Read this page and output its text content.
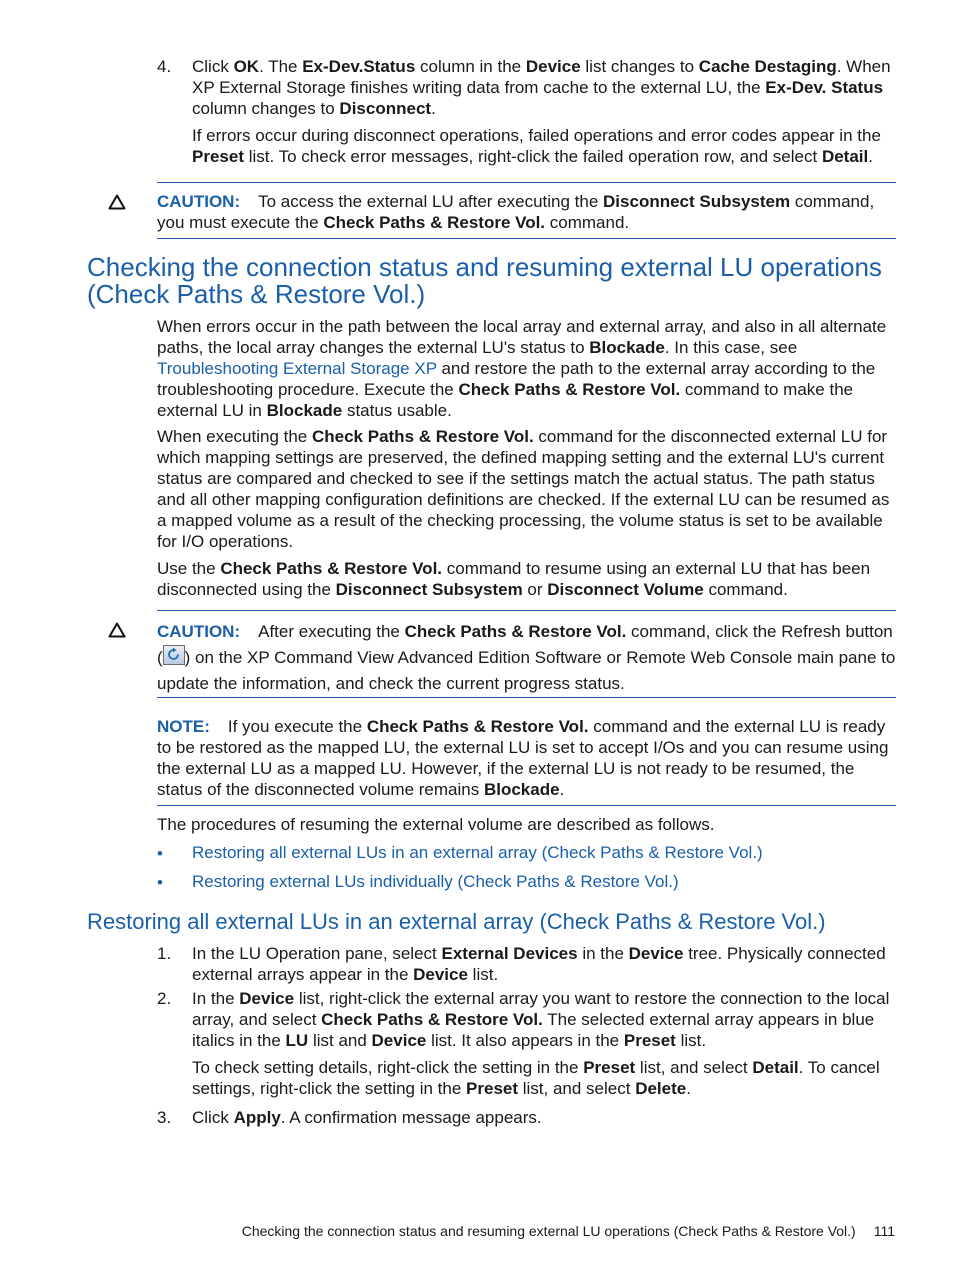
4. Click OK. The Ex-Dev.Status column in the Device list changes to Cache Destaging. When XP External Storage finishes writing data from cache to the external LU, the Ex-Dev. Status column changes to Disconnect.

If errors occur during disconnect operations, failed operations and error codes appear in the Preset list. To check error messages, right-click the failed operation row, and select Detail.

CAUTION: To access the external LU after executing the Disconnect Subsystem command, you must execute the Check Paths & Restore Vol. command.

Checking the connection status and resuming external LU operations (Check Paths & Restore Vol.)

When errors occur in the path between the local array and external array, and also in all alternate paths, the local array changes the external LU's status to Blockade. In this case, see Troubleshooting External Storage XP and restore the path to the external array according to the troubleshooting procedure. Execute the Check Paths & Restore Vol. command to make the external LU in Blockade status usable.

When executing the Check Paths & Restore Vol. command for the disconnected external LU for which mapping settings are preserved, the defined mapping setting and the external LU's current status are compared and checked to see if the settings match the actual status. The path status and all other mapping configuration definitions are checked. If the external LU can be resumed as a mapped volume as a result of the checking processing, the volume status is set to be available for I/O operations.

Use the Check Paths & Restore Vol. command to resume using an external LU that has been disconnected using the Disconnect Subsystem or Disconnect Volume command.

CAUTION: After executing the Check Paths & Restore Vol. command, click the Refresh button ( ) on the XP Command View Advanced Edition Software or Remote Web Console main pane to update the information, and check the current progress status.

NOTE: If you execute the Check Paths & Restore Vol. command and the external LU is ready to be restored as the mapped LU, the external LU is set to accept I/Os and you can resume using the external LU as a mapped LU. However, if the external LU is not ready to be resumed, the status of the disconnected volume remains Blockade.

The procedures of resuming the external volume are described as follows.

• Restoring all external LUs in an external array (Check Paths & Restore Vol.)
• Restoring external LUs individually (Check Paths & Restore Vol.)
Restoring all external LUs in an external array (Check Paths & Restore Vol.)
1. In the LU Operation pane, select External Devices in the Device tree. Physically connected external arrays appear in the Device list.

2. In the Device list, right-click the external array you want to restore the connection to the local array, and select Check Paths & Restore Vol. The selected external array appears in blue italics in the LU list and Device list. It also appears in the Preset list.

To check setting details, right-click the setting in the Preset list, and select Detail. To cancel settings, right-click the setting in the Preset list, and select Delete.

3. Click Apply. A confirmation message appears.

Checking the connection status and resuming external LU operations (Check Paths & Restore Vol.) 111
